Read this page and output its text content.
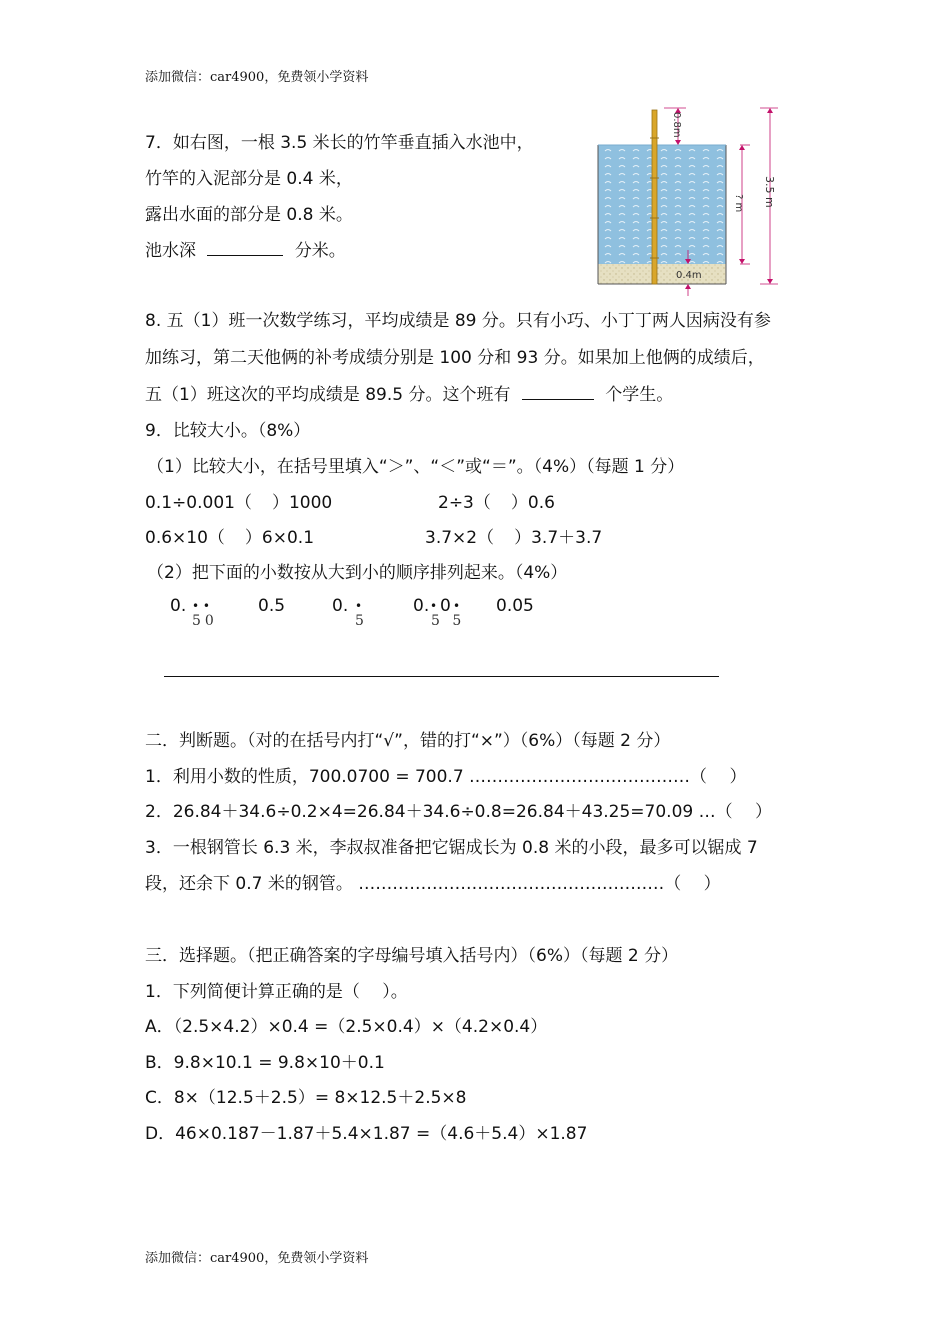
添加微信：car4900，免费领小学资料
7．如右图，一根 3.5 米长的竹竿垂直插入水池中，
竹竿的入泥部分是 0.4 米，
露出水面的部分是 0.8 米。
池水深	分米。
0.8m
? m 3.5 m
0.4m
8. 五（1）班一次数学练习，平均成绩是 89 分。只有小巧、小丁丁两人因病没有参
加练习，第二天他俩的补考成绩分别是 100 分和 93 分。如果加上他俩的成绩后，
五（1）班这次的平均成绩是 89.5 分。这个班有	个学生。
9．比较大小。（8%）
（1）比较大小，在括号里填入“＞”、“＜”或“＝”。（4%）（每题 1 分）
0.1÷0.001（ ）1000	2÷3（ ）0.6
0.6×10（ ）6×0.1	3.7×2（ ）3.7＋3.7
（2）把下面的小数按从大到小的顺序排列起来。（4%）
0. • •
50
0.5	0. •
5
0. • 0 •
5 5
0.05
二．判断题。（对的在括号内打“√”，错的打“×”）（6%）（每题 2 分）
1．利用小数的性质，700.0700 = 700.7 …………………………………（　 ）
2．26.84＋34.6÷0.2×4=26.84＋34.6÷0.8=26.84＋43.25=70.09 …（　 ）
3．一根钢管长 6.3 米，李叔叔准备把它锯成长为 0.8 米的小段，最多可以锯成 7
段，还余下 0.7 米的钢管。 ………………………………………………（　 ）
三．选择题。（把正确答案的字母编号填入括号内）（6%）（每题 2 分）
1．下列简便计算正确的是（　 ）。
A．（2.5×4.2）×0.4 =（2.5×0.4）×（4.2×0.4）
B．9.8×10.1 = 9.8×10＋0.1
C．8×（12.5＋2.5）= 8×12.5＋2.5×8
D．46×0.187－1.87＋5.4×1.87 =（4.6＋5.4）×1.87
添加微信：car4900，免费领小学资料
